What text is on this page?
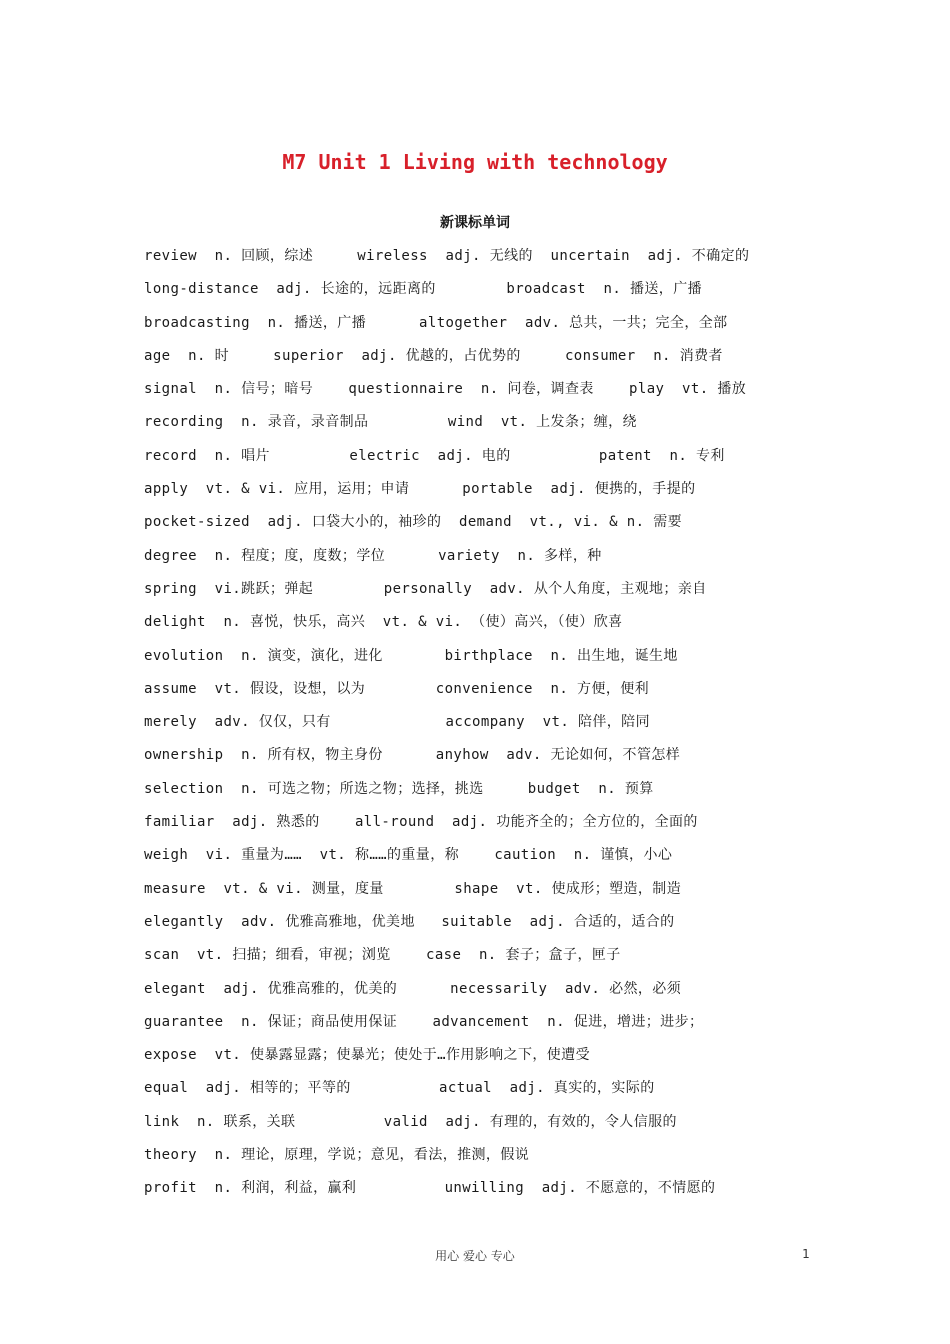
M7 Unit 1 Living with technology
新课标单词
review  n. 回顾，综述     wireless  adj. 无线的  uncertain  adj. 不确定的
long-distance  adj. 长途的，远距离的        broadcast  n. 播送，广播
broadcasting  n. 播送，广播      altogether  adv. 总共，一共；完全，全部
age  n. 时     superior  adj. 优越的，占优势的     consumer  n. 消费者
signal  n. 信号；暗号    questionnaire  n. 问卷，调查表    play  vt. 播放
recording  n. 录音，录音制品         wind  vt. 上发条；缠，绕
record  n. 唱片         electric  adj. 电的          patent  n. 专利
apply  vt. & vi. 应用，运用；申请      portable  adj. 便携的，手提的
pocket-sized  adj. 口袋大小的，袖珍的  demand  vt., vi. & n. 需要
degree  n. 程度；度，度数；学位      variety  n. 多样，种
spring  vi.跳跃；弹起        personally  adv. 从个人角度，主观地；亲自
delight  n. 喜悦，快乐，高兴  vt. & vi. （使）高兴，（使）欣喜
evolution  n. 演变，演化，进化       birthplace  n. 出生地，诞生地
assume  vt. 假设，设想，以为        convenience  n. 方便，便利
merely  adv. 仅仅，只有             accompany  vt. 陪伴，陪同
ownership  n. 所有权，物主身份      anyhow  adv. 无论如何，不管怎样
selection  n. 可选之物；所选之物；选择，挑选     budget  n. 预算
familiar  adj. 熟悉的    all-round  adj. 功能齐全的；全方位的，全面的
weigh  vi. 重量为……  vt. 称……的重量，称    caution  n. 谨慎，小心
measure  vt. & vi. 测量，度量        shape  vt. 使成形；塑造，制造
elegantly  adv. 优雅高雅地，优美地   suitable  adj. 合适的，适合的
scan  vt. 扫描；细看，审视；浏览    case  n. 套子；盒子，匣子
elegant  adj. 优雅高雅的，优美的      necessarily  adv. 必然，必须
guarantee  n. 保证；商品使用保证    advancement  n. 促进，增进；进步；
expose  vt. 使暴露显露；使暴光；使处于…作用影响之下，使遭受
equal  adj. 相等的；平等的          actual  adj. 真实的，实际的
link  n. 联系，关联          valid  adj. 有理的，有效的，令人信服的
theory  n. 理论，原理，学说；意见，看法，推测，假说
profit  n. 利润，利益，赢利          unwilling  adj. 不愿意的，不情愿的
用心 爱心 专心	1
